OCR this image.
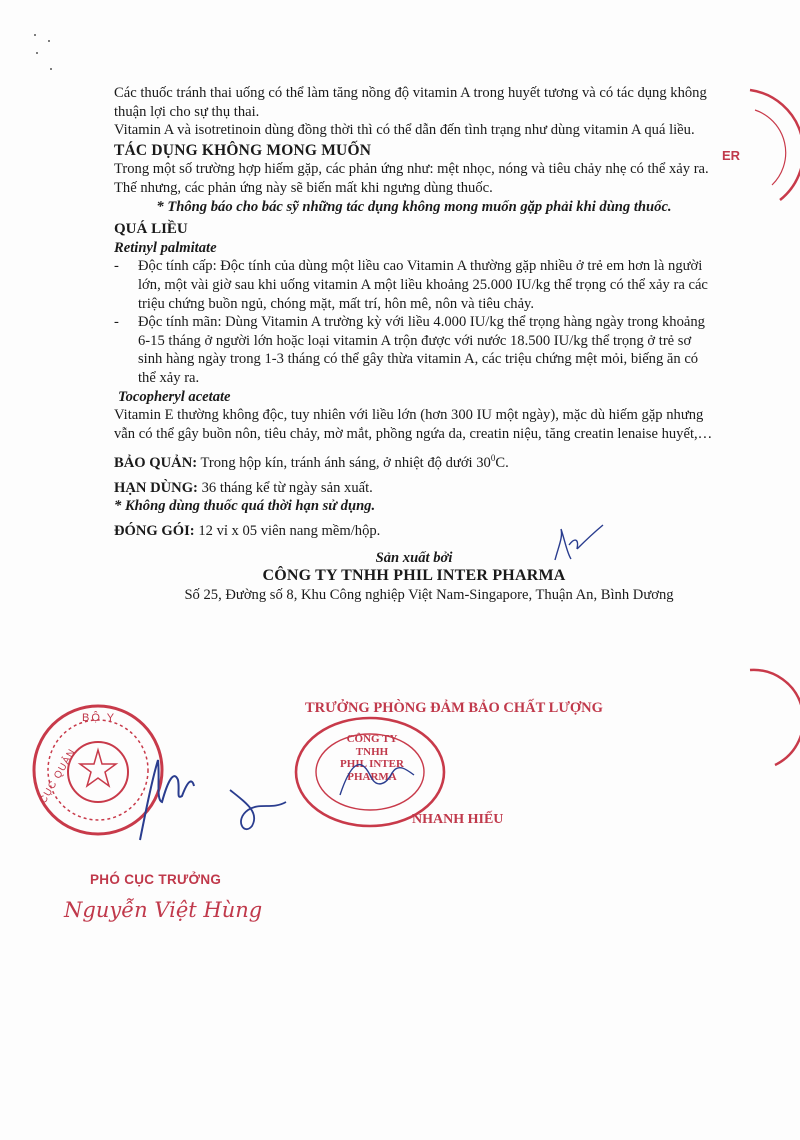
Các thuốc tránh thai uống có thể làm tăng nồng độ vitamin A trong huyết tương và có tác dụng không thuận lợi cho sự thụ thai.

Vitamin A và isotretinoin dùng đồng thời thì có thể dẫn đến tình trạng như dùng vitamin A quá liều.

TÁC DỤNG KHÔNG MONG MUỐN

Trong một số trường hợp hiếm gặp, các phản ứng như: mệt nhọc, nóng và tiêu chảy nhẹ có thể xảy ra. Thế nhưng, các phản ứng này sẽ biến mất khi ngưng dùng thuốc.

* Thông báo cho bác sỹ những tác dụng không mong muốn gặp phải khi dùng thuốc.

QUÁ LIỀU

Retinyl palmitate

- Độc tính cấp: Độc tính của dùng một liều cao Vitamin A thường gặp nhiều ở trẻ em hơn là người lớn, một vài giờ sau khi uống vitamin A một liều khoảng 25.000 IU/kg thể trọng có thể xảy ra các triệu chứng buồn ngủ, chóng mặt, mất trí, hôn mê, nôn và tiêu chảy.
- Độc tính mãn: Dùng Vitamin A trường kỳ với liều 4.000 IU/kg thể trọng hàng ngày trong khoảng 6-15 tháng ở người lớn hoặc loại vitamin A trộn được với nước 18.500 IU/kg thể trọng ở trẻ sơ sinh hàng ngày trong 1-3 tháng có thể gây thừa vitamin A, các triệu chứng mệt mỏi, biếng ăn có thể xảy ra.

Tocopheryl acetate

Vitamin E thường không độc, tuy nhiên với liều lớn (hơn 300 IU một ngày), mặc dù hiếm gặp nhưng vẫn có thể gây buồn nôn, tiêu chảy, mờ mắt, phồng ngứa da, creatin niệu, tăng creatin lenaise huyết,…

BẢO QUẢN: Trong hộp kín, tránh ánh sáng, ở nhiệt độ dưới $30^0C$.

HẠN DÙNG: 36 tháng kể từ ngày sản xuất.

* Không dùng thuốc quá thời hạn sử dụng.

ĐÓNG GÓI: 12 vỉ x 05 viên nang mềm/hộp.

Sản xuất bởi

CÔNG TY TNHH PHIL INTER PHARMA

Số 25, Đường số 8, Khu Công nghiệp Việt Nam-Singapore, Thuận An, Bình Dương

ER
BỘ Y
CỤC QUẢN
PHÓ CỤC TRƯỞNG
Nguyễn Việt Hùng
TRƯỞNG PHÒNG ĐẢM BẢO CHẤT LƯỢNG
CÔNG TY
TNHH
PHIL INTER
PHARMA
NHANH HIẾU
